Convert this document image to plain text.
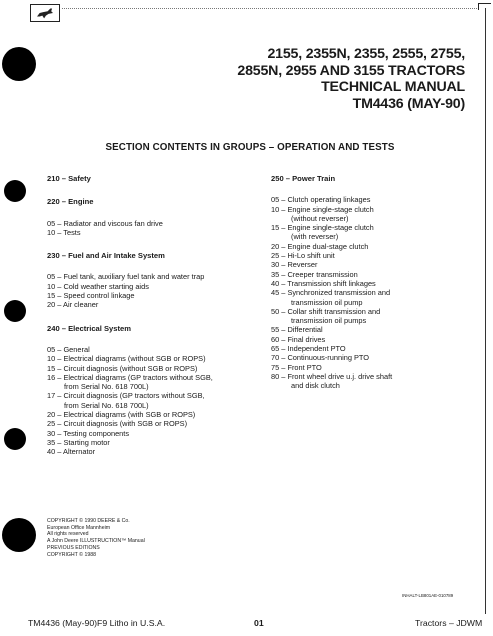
2155, 2355N, 2355, 2555, 2755,
2855N, 2955 AND 3155 TRACTORS
TECHNICAL MANUAL
TM4436 (MAY-90)
SECTION CONTENTS IN GROUPS – OPERATION AND TESTS
210 – Safety
220 – Engine
05 – Radiator and viscous fan drive
10 – Tests
230 – Fuel and Air Intake System
05 – Fuel tank, auxiliary fuel tank and water trap
10 – Cold weather starting aids
15 – Speed control linkage
20 – Air cleaner
240 – Electrical System
05 – General
10 – Electrical diagrams (without SGB or ROPS)
15 – Circuit diagnosis (without SGB or ROPS)
16 – Electrical diagrams (GP tractors without SGB,
from Serial No. 618 700L)
17 – Circuit diagnosis (GP tractors without SGB,
from Serial No. 618 700L)
20 – Electrical diagrams (with SGB or ROPS)
25 – Circuit diagnosis (with SGB or ROPS)
30 – Testing components
35 – Starting motor
40 – Alternator
250 – Power Train
05 – Clutch operating linkages
10 – Engine single-stage clutch
(without reverser)
15 – Engine single-stage clutch
(with reverser)
20 – Engine dual-stage clutch
25 – Hi-Lo shift unit
30 – Reverser
35 – Creeper transmission
40 – Transmission shift linkages
45 – Synchronized transmission and
transmission oil pump
50 – Collar shift transmission and
transmission oil pumps
55 – Differential
60 – Final drives
65 – Independent PTO
70 – Continuous-running PTO
75 – Front PTO
80 – Front wheel drive u.j. drive shaft
and disk clutch
COPYRIGHT © 1990 DEERE & Co.
European Office Mannheim
All rights reserved
A John Deere ILLUSTRUCTION™ Manual
PREVIOUS EDITIONS
COPYRIGHT © 1988
INHALT-LB801AE-010789
TM4436 (May-90)F9 Litho in U.S.A.	01	Tractors – JDWM
